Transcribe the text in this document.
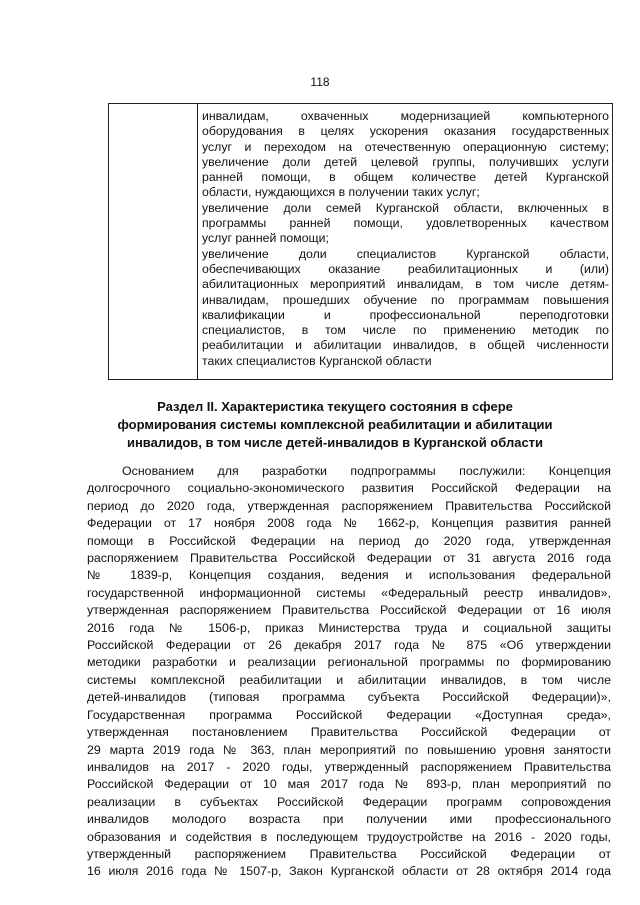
118
инвалидам, охваченных модернизацией компьютерного
оборудования в целях ускорения оказания государственных
услуг и переходом на отечественную операционную систему;
увеличение доли детей целевой группы, получивших услуги
ранней помощи, в общем количестве детей Курганской
области, нуждающихся в получении таких услуг;
увеличение доли семей Курганской области, включенных в
программы ранней помощи, удовлетворенных качеством
услуг ранней помощи;
увеличение доли специалистов Курганской области,
обеспечивающих оказание реабилитационных и (или)
абилитационных мероприятий инвалидам, в том числе детям-
инвалидам, прошедших обучение по программам повышения
квалификации и профессиональной переподготовки
специалистов, в том числе по применению методик по
реабилитации и абилитации инвалидов, в общей численности
таких специалистов Курганской области
Раздел II. Характеристика текущего состояния в сфере
формирования системы комплексной реабилитации и абилитации
инвалидов, в том числе детей-инвалидов в Курганской области
Основанием для разработки подпрограммы послужили: Концепция
долгосрочного социально-экономического развития Российской Федерации на
период до 2020 года, утвержденная распоряжением Правительства Российской
Федерации от 17 ноября 2008 года № 1662-р, Концепция развития ранней
помощи в Российской Федерации на период до 2020 года, утвержденная
распоряжением Правительства Российской Федерации от 31 августа 2016 года
№ 1839-р, Концепция создания, ведения и использования федеральной
государственной информационной системы «Федеральный реестр инвалидов»,
утвержденная распоряжением Правительства Российской Федерации от 16 июля
2016 года № 1506-р, приказ Министерства труда и социальной защиты
Российской Федерации от 26 декабря 2017 года № 875 «Об утверждении
методики разработки и реализации региональной программы по формированию
системы комплексной реабилитации и абилитации инвалидов, в том числе
детей-инвалидов (типовая программа субъекта Российской Федерации)»,
Государственная программа Российской Федерации «Доступная среда»,
утвержденная постановлением Правительства Российской Федерации от
29 марта 2019 года № 363, план мероприятий по повышению уровня занятости
инвалидов на 2017 - 2020 годы, утвержденный распоряжением Правительства
Российской Федерации от 10 мая 2017 года № 893-р, план мероприятий по
реализации в субъектах Российской Федерации программ сопровождения
инвалидов молодого возраста при получении ими профессионального
образования и содействия в последующем трудоустройстве на 2016 - 2020 годы,
утвержденный распоряжением Правительства Российской Федерации от
16 июля 2016 года № 1507-р, Закон Курганской области от 28 октября 2014 года
